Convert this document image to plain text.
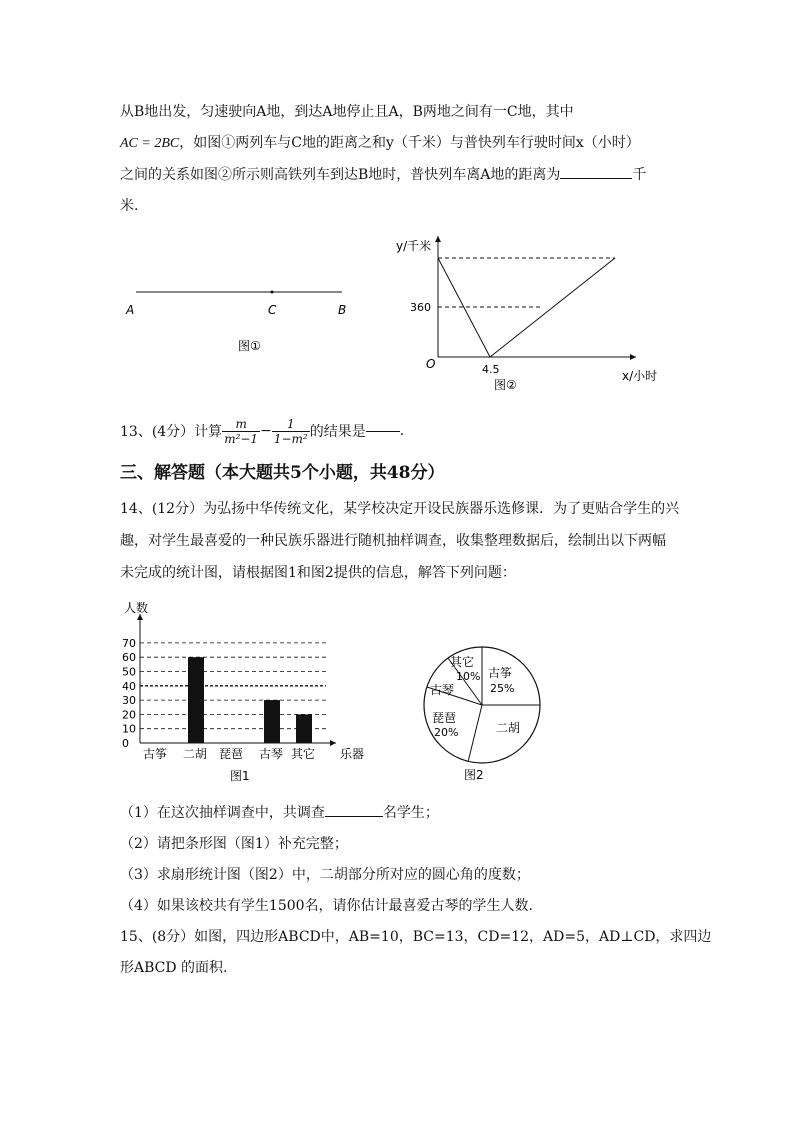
从B地出发，匀速驶向A地，到达A地停止且A，B两地之间有一C地，其中
AC = 2BC，如图①两列车与C地的距离之和y（千米）与普快列车行驶时间x（小时）
之间的关系如图②所示则高铁列车到达B地时，普快列车离A地的距离为	千
米.
A	C	B
图①
y/千米
360
O	4.5	x/小时
图②
13、(4分）计算 $\frac{m}{\text{m²−1}} - \frac{1}{\text{1−m²}}$ 的结果是 .
三、解答题（本大题共5个小题，共48分）
14、(12分）为弘扬中华传统文化，某学校决定开设民族器乐选修课．为了更贴合学生的兴
趣，对学生最喜爱的一种民族乐器进行随机抽样调查，收集整理数据后，绘制出以下两幅
未完成的统计图，请根据图1和图2提供的信息，解答下列问题：
人数
0
10
20
30
40
50
60
70
古筝 二胡 琵琶 古琴 其它 乐器
图1
其它
10% 古筝
25%
古琴
琵琶
20%	二胡
图2
（1）在这次抽样调查中，共调查	名学生；
（2）请把条形图（图1）补充完整；
（3）求扇形统计图（图2）中，二胡部分所对应的圆心角的度数；
（4）如果该校共有学生1500名，请你估计最喜爱古琴的学生人数.
15、(8分）如图，四边形ABCD中，AB=10，BC=13，CD=12，AD=5，AD⊥CD，求四边
形ABCD 的面积.
